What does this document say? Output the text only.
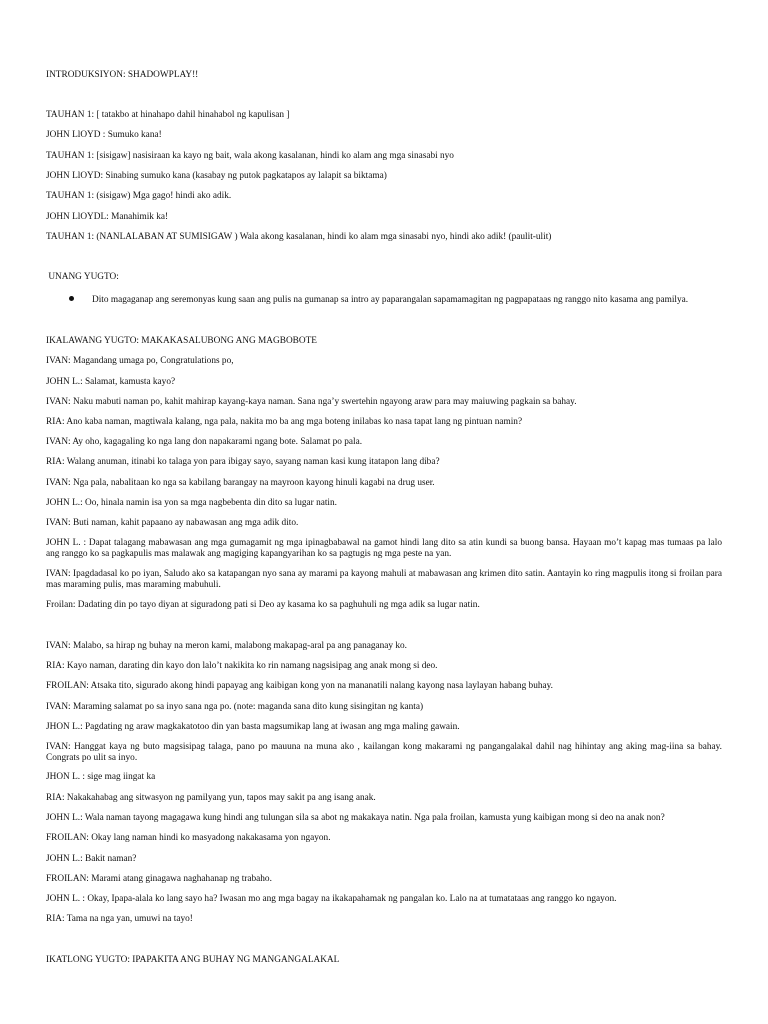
INTRODUKSIYON: SHADOWPLAY!!

TAUHAN 1: [ tatakbo at hinahapo dahil hinahabol ng kapulisan ]

JOHN LlOYD : Sumuko kana!

TAUHAN 1: [sisigaw] nasisiraan ka kayo ng bait, wala akong kasalanan, hindi ko alam ang mga sinasabi nyo

JOHN LlOYD: Sinabing sumuko kana (kasabay ng putok pagkatapos ay lalapit sa biktama)

TAUHAN 1: (sisigaw) Mga gago! hindi ako adik.

JOHN LlOYDL: Manahimik ka!

TAUHAN 1: (NANLALABAN AT SUMISIGAW ) Wala akong kasalanan, hindi ko alam mga sinasabi nyo, hindi ako adik! (paulit-ulit)

UNANG YUGTO:

Dito magaganap ang seremonyas kung saan ang pulis na gumanap sa intro ay paparangalan sapamamagitan ng pagpapataas ng ranggo nito kasama ang pamilya.

IKALAWANG YUGTO: MAKAKASALUBONG ANG MAGBOBOTE

IVAN: Magandang umaga po, Congratulations po,

JOHN L.: Salamat, kamusta kayo?

IVAN: Naku mabuti naman po, kahit mahirap kayang-kaya naman. Sana nga’y swertehin ngayong araw para may maiuwing pagkain sa bahay.

RIA: Ano kaba naman, magtiwala kalang, nga pala, nakita mo ba ang mga boteng inilabas ko nasa tapat lang ng pintuan namin?

IVAN: Ay oho, kagagaling ko nga lang don napakarami ngang bote. Salamat po pala.

RIA: Walang anuman, itinabi ko talaga yon para ibigay sayo, sayang naman kasi kung itatapon lang diba?

IVAN: Nga pala, nabalitaan ko nga sa kabilang barangay na mayroon kayong hinuli kagabi na drug user.

JOHN L.: Oo, hinala namin isa yon sa mga nagbebenta din dito sa lugar natin.

IVAN: Buti naman, kahit papaano ay nabawasan ang mga adik dito.

JOHN L. : Dapat talagang mabawasan ang mga gumagamit ng mga ipinagbabawal na gamot hindi lang dito sa atin kundi sa buong bansa. Hayaan mo’t kapag mas tumaas pa lalo ang ranggo ko sa pagkapulis mas malawak ang magiging kapangyarihan ko sa pagtugis ng mga peste na yan.

IVAN: Ipagdadasal ko po iyan, Saludo ako sa katapangan nyo sana ay marami pa kayong mahuli at mabawasan ang krimen dito satin. Aantayin ko ring magpulis itong si froilan para mas maraming pulis, mas maraming mabuhuli.

Froilan: Dadating din po tayo diyan at siguradong pati si Deo ay kasama ko sa paghuhuli ng mga adik sa lugar natin.

IVAN: Malabo, sa hirap ng buhay na meron kami, malabong makapag-aral pa ang panaganay ko.

RIA: Kayo naman, darating din kayo don lalo’t nakikita ko rin namang nagsisipag ang anak mong si deo.

FROILAN: Atsaka tito, sigurado akong hindi papayag ang kaibigan kong yon na mananatili nalang kayong nasa laylayan habang buhay.

IVAN: Maraming salamat po sa inyo sana nga po. (note: maganda sana dito kung sisingitan ng kanta)

JHON L.: Pagdating ng araw magkakatotoo din yan basta magsumikap lang at iwasan ang mga maling gawain.

IVAN: Hanggat kaya ng buto magsisipag talaga, pano po mauuna na muna ako , kailangan kong makarami ng pangangalakal dahil nag hihintay ang aking mag-iina sa bahay. Congrats po ulit sa inyo.

JHON L. : sige mag iingat ka

RIA: Nakakahabag ang sitwasyon ng pamilyang yun, tapos may sakit pa ang isang anak.

JOHN L.: Wala naman tayong magagawa kung hindi ang tulungan sila sa abot ng makakaya natin. Nga pala froilan, kamusta yung kaibigan mong si deo na anak non?

FROILAN: Okay lang naman hindi ko masyadong nakakasama yon ngayon.

JOHN L.: Bakit naman?

FROILAN: Marami atang ginagawa naghahanap ng trabaho.

JOHN L. : Okay, Ipapa-alala ko lang sayo ha? Iwasan mo ang mga bagay na ikakapahamak ng pangalan ko. Lalo na at tumatataas ang ranggo ko ngayon.

RIA: Tama na nga yan, umuwi na tayo!

IKATLONG YUGTO: IPAPAKITA ANG BUHAY NG MANGANGALAKAL
